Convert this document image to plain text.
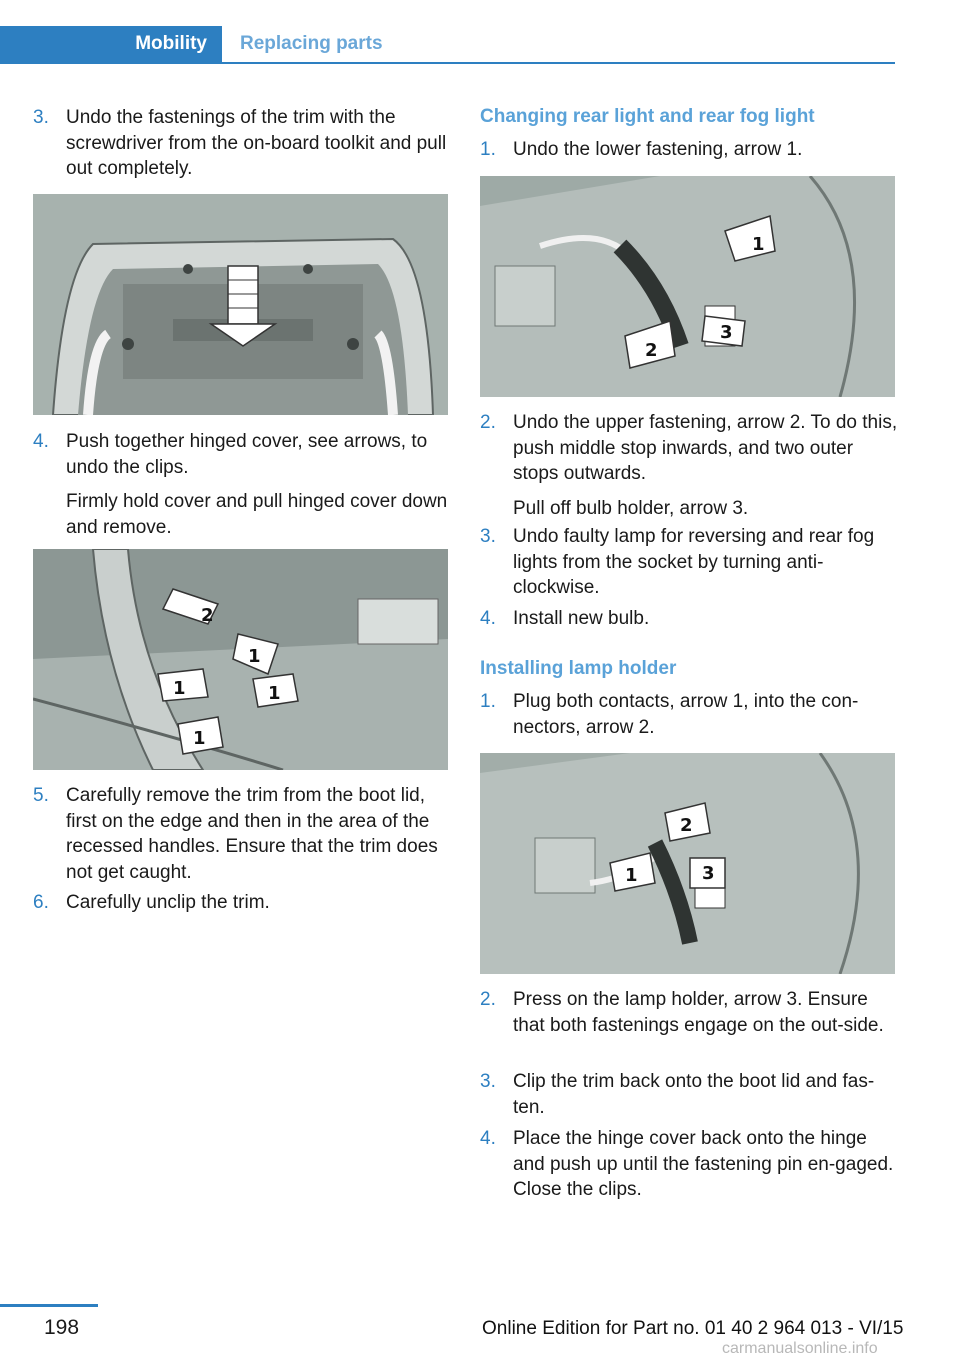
Mobility Replacing parts
3. Undo the fastenings of the trim with the screwdriver from the on-board toolkit and pull out completely.
4. Push together hinged cover, see arrows, to undo the clips.
Firmly hold cover and pull hinged cover down and remove.
2
1
1	1
1
5. Carefully remove the trim from the boot lid, first on the edge and then in the area of the recessed handles. Ensure that the trim does not get caught.
6. Carefully unclip the trim.
Changing rear light and rear fog light
1. Undo the lower fastening, arrow 1.
1
2
3
2. Undo the upper fastening, arrow 2. To do this, push middle stop inwards, and two outer stops outwards.
Pull off bulb holder, arrow 3.
3. Undo faulty lamp for reversing and rear fog lights from the socket by turning anti-clockwise.
4. Install new bulb.
Installing lamp holder
1. Plug both contacts, arrow 1, into the con-nectors, arrow 2.
2
1	3
2. Press on the lamp holder, arrow 3. Ensure that both fastenings engage on the out-side.
3. Clip the trim back onto the boot lid and fas-ten.
4. Place the hinge cover back onto the hinge and push up until the fastening pin en-gaged. Close the clips.
198	Online Edition for Part no. 01 40 2 964 013 - VI/15
carmanualsonline.info
